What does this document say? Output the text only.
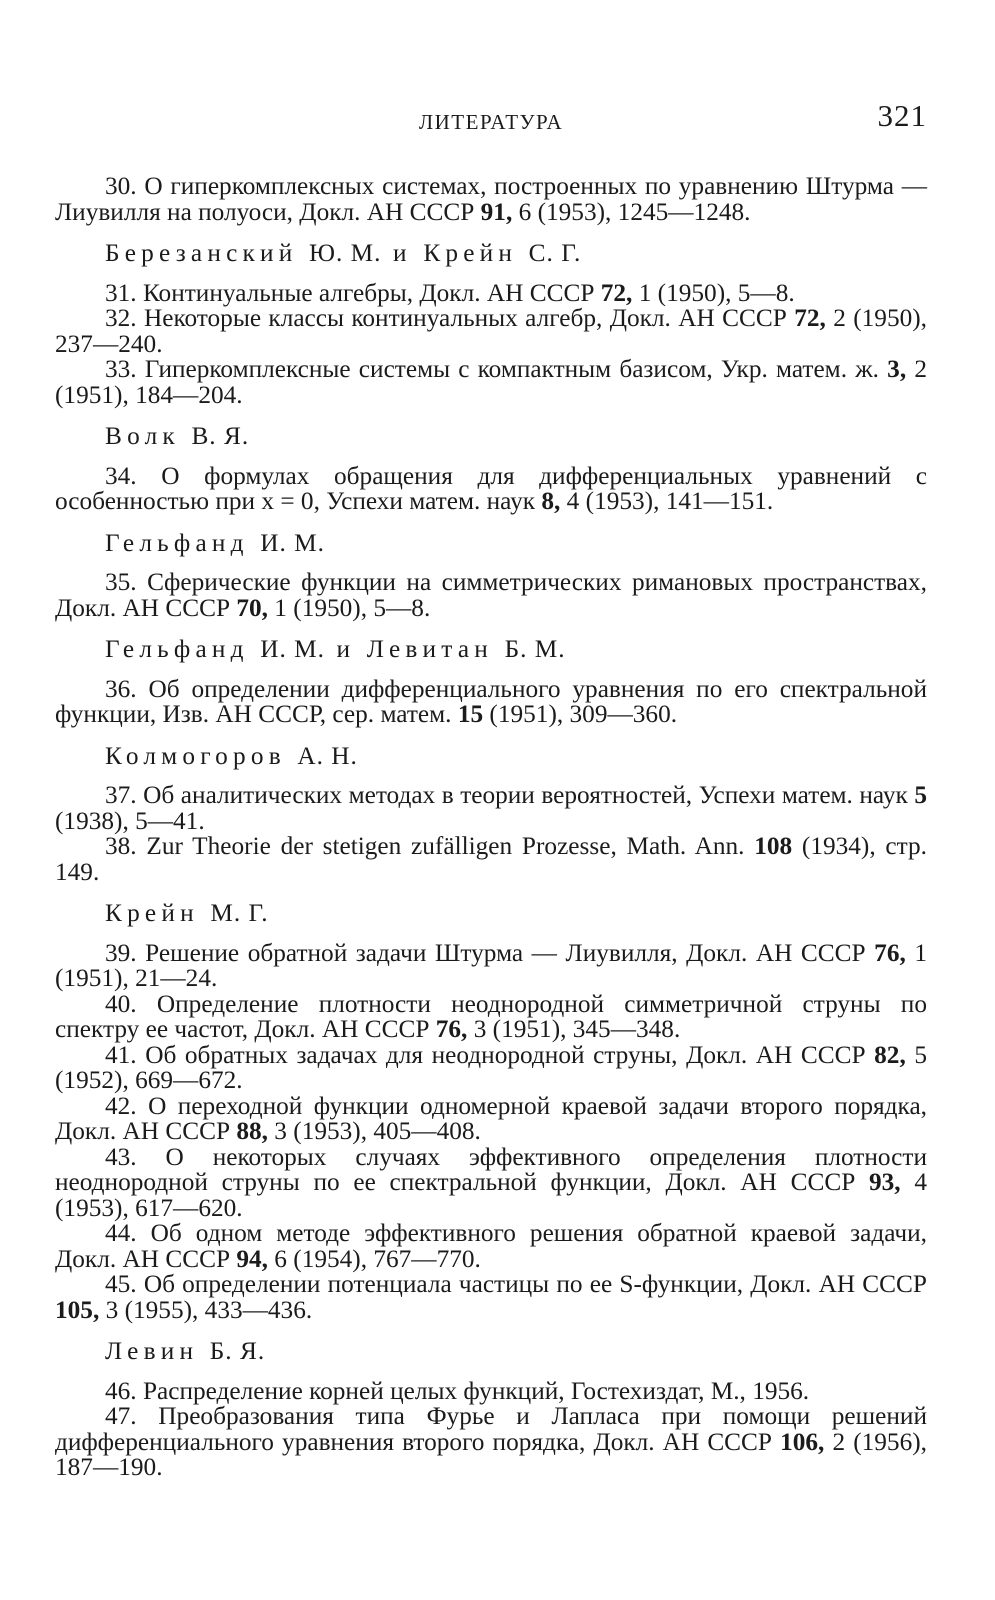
ЛИТЕРАТУРА	321

30. О гиперкомплексных системах, построенных по уравнению Штурма — Лиувилля на полуоси, Докл. АН СССР 91, 6 (1953), 1245—1248.

Березанский Ю. М. и Крейн С. Г.

31. Континуальные алгебры, Докл. АН СССР 72, 1 (1950), 5—8.

32. Некоторые классы континуальных алгебр, Докл. АН СССР 72, 2 (1950), 237—240.

33. Гиперкомплексные системы с компактным базисом, Укр. матем. ж. 3, 2 (1951), 184—204.

Волк В. Я.

34. О формулах обращения для дифференциальных уравнений с особенностью при x = 0, Успехи матем. наук 8, 4 (1953), 141—151.

Гельфанд И. М.

35. Сферические функции на симметрических римановых пространствах, Докл. АН СССР 70, 1 (1950), 5—8.

Гельфанд И. М. и Левитан Б. М.

36. Об определении дифференциального уравнения по его спектральной функции, Изв. АН СССР, сер. матем. 15 (1951), 309—360.

Колмогоров А. Н.

37. Об аналитических методах в теории вероятностей, Успехи матем. наук 5 (1938), 5—41.

38. Zur Theorie der stetigen zufälligen Prozesse, Math. Ann. 108 (1934), стр. 149.

Крейн М. Г.

39. Решение обратной задачи Штурма — Лиувилля, Докл. АН СССР 76, 1 (1951), 21—24.

40. Определение плотности неоднородной симметричной струны по спектру ее частот, Докл. АН СССР 76, 3 (1951), 345—348.

41. Об обратных задачах для неоднородной струны, Докл. АН СССР 82, 5 (1952), 669—672.

42. О переходной функции одномерной краевой задачи второго порядка, Докл. АН СССР 88, 3 (1953), 405—408.

43. О некоторых случаях эффективного определения плотности неоднородной струны по ее спектральной функции, Докл. АН СССР 93, 4 (1953), 617—620.

44. Об одном методе эффективного решения обратной краевой задачи, Докл. АН СССР 94, 6 (1954), 767—770.

45. Об определении потенциала частицы по ее S-функции, Докл. АН СССР 105, 3 (1955), 433—436.

Левин Б. Я.

46. Распределение корней целых функций, Гостехиздат, М., 1956.

47. Преобразования типа Фурье и Лапласа при помощи решений дифференциального уравнения второго порядка, Докл. АН СССР 106, 2 (1956), 187—190.
